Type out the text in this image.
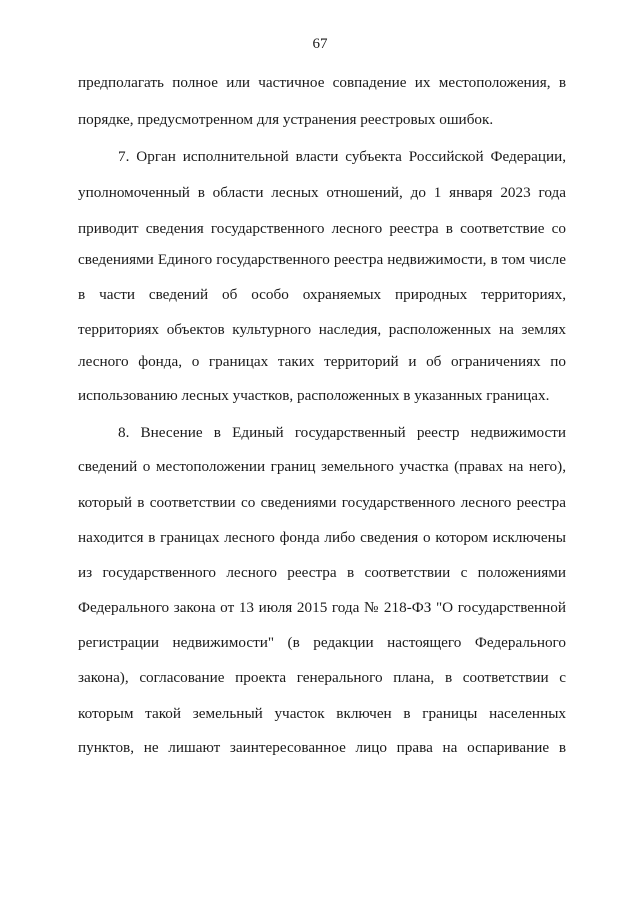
67
предполагать полное или частичное совпадение их местоположения, в
порядке, предусмотренном для устранения реестровых ошибок.
7. Орган исполнительной власти субъекта Российской Федерации,
уполномоченный в области лесных отношений, до 1 января 2023 года
приводит сведения государственного лесного реестра в соответствие со
сведениями Единого государственного реестра недвижимости, в том числе
в части сведений об особо охраняемых природных территориях,
территориях объектов культурного наследия, расположенных на землях
лесного фонда, о границах таких территорий и об ограничениях по
использованию лесных участков, расположенных в указанных границах.
8. Внесение в Единый государственный реестр недвижимости
сведений о местоположении границ земельного участка (правах на него),
который в соответствии со сведениями государственного лесного реестра
находится в границах лесного фонда либо сведения о котором исключены
из государственного лесного реестра в соответствии с положениями
Федерального закона от 13 июля 2015 года № 218-ФЗ "О государственной
регистрации недвижимости" (в редакции настоящего Федерального
закона), согласование проекта генерального плана, в соответствии с
которым такой земельный участок включен в границы населенных
пунктов, не лишают заинтересованное лицо права на оспаривание в
